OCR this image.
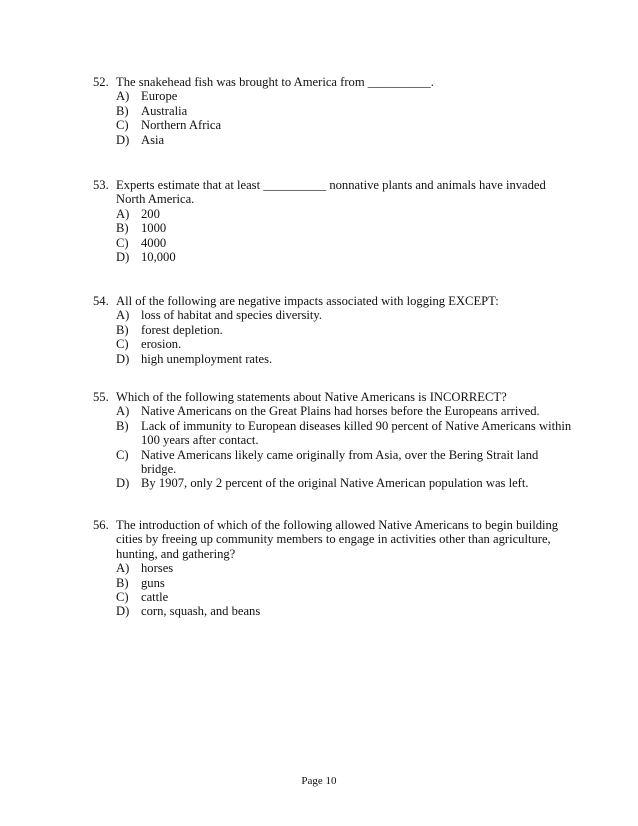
52. The snakehead fish was brought to America from __________.
A) Europe
B) Australia
C) Northern Africa
D) Asia
53. Experts estimate that at least __________ nonnative plants and animals have invaded North America.
A) 200
B) 1000
C) 4000
D) 10,000
54. All of the following are negative impacts associated with logging EXCEPT:
A) loss of habitat and species diversity.
B) forest depletion.
C) erosion.
D) high unemployment rates.
55. Which of the following statements about Native Americans is INCORRECT?
A) Native Americans on the Great Plains had horses before the Europeans arrived.
B) Lack of immunity to European diseases killed 90 percent of Native Americans within 100 years after contact.
C) Native Americans likely came originally from Asia, over the Bering Strait land bridge.
D) By 1907, only 2 percent of the original Native American population was left.
56. The introduction of which of the following allowed Native Americans to begin building cities by freeing up community members to engage in activities other than agriculture, hunting, and gathering?
A) horses
B) guns
C) cattle
D) corn, squash, and beans
Page 10
